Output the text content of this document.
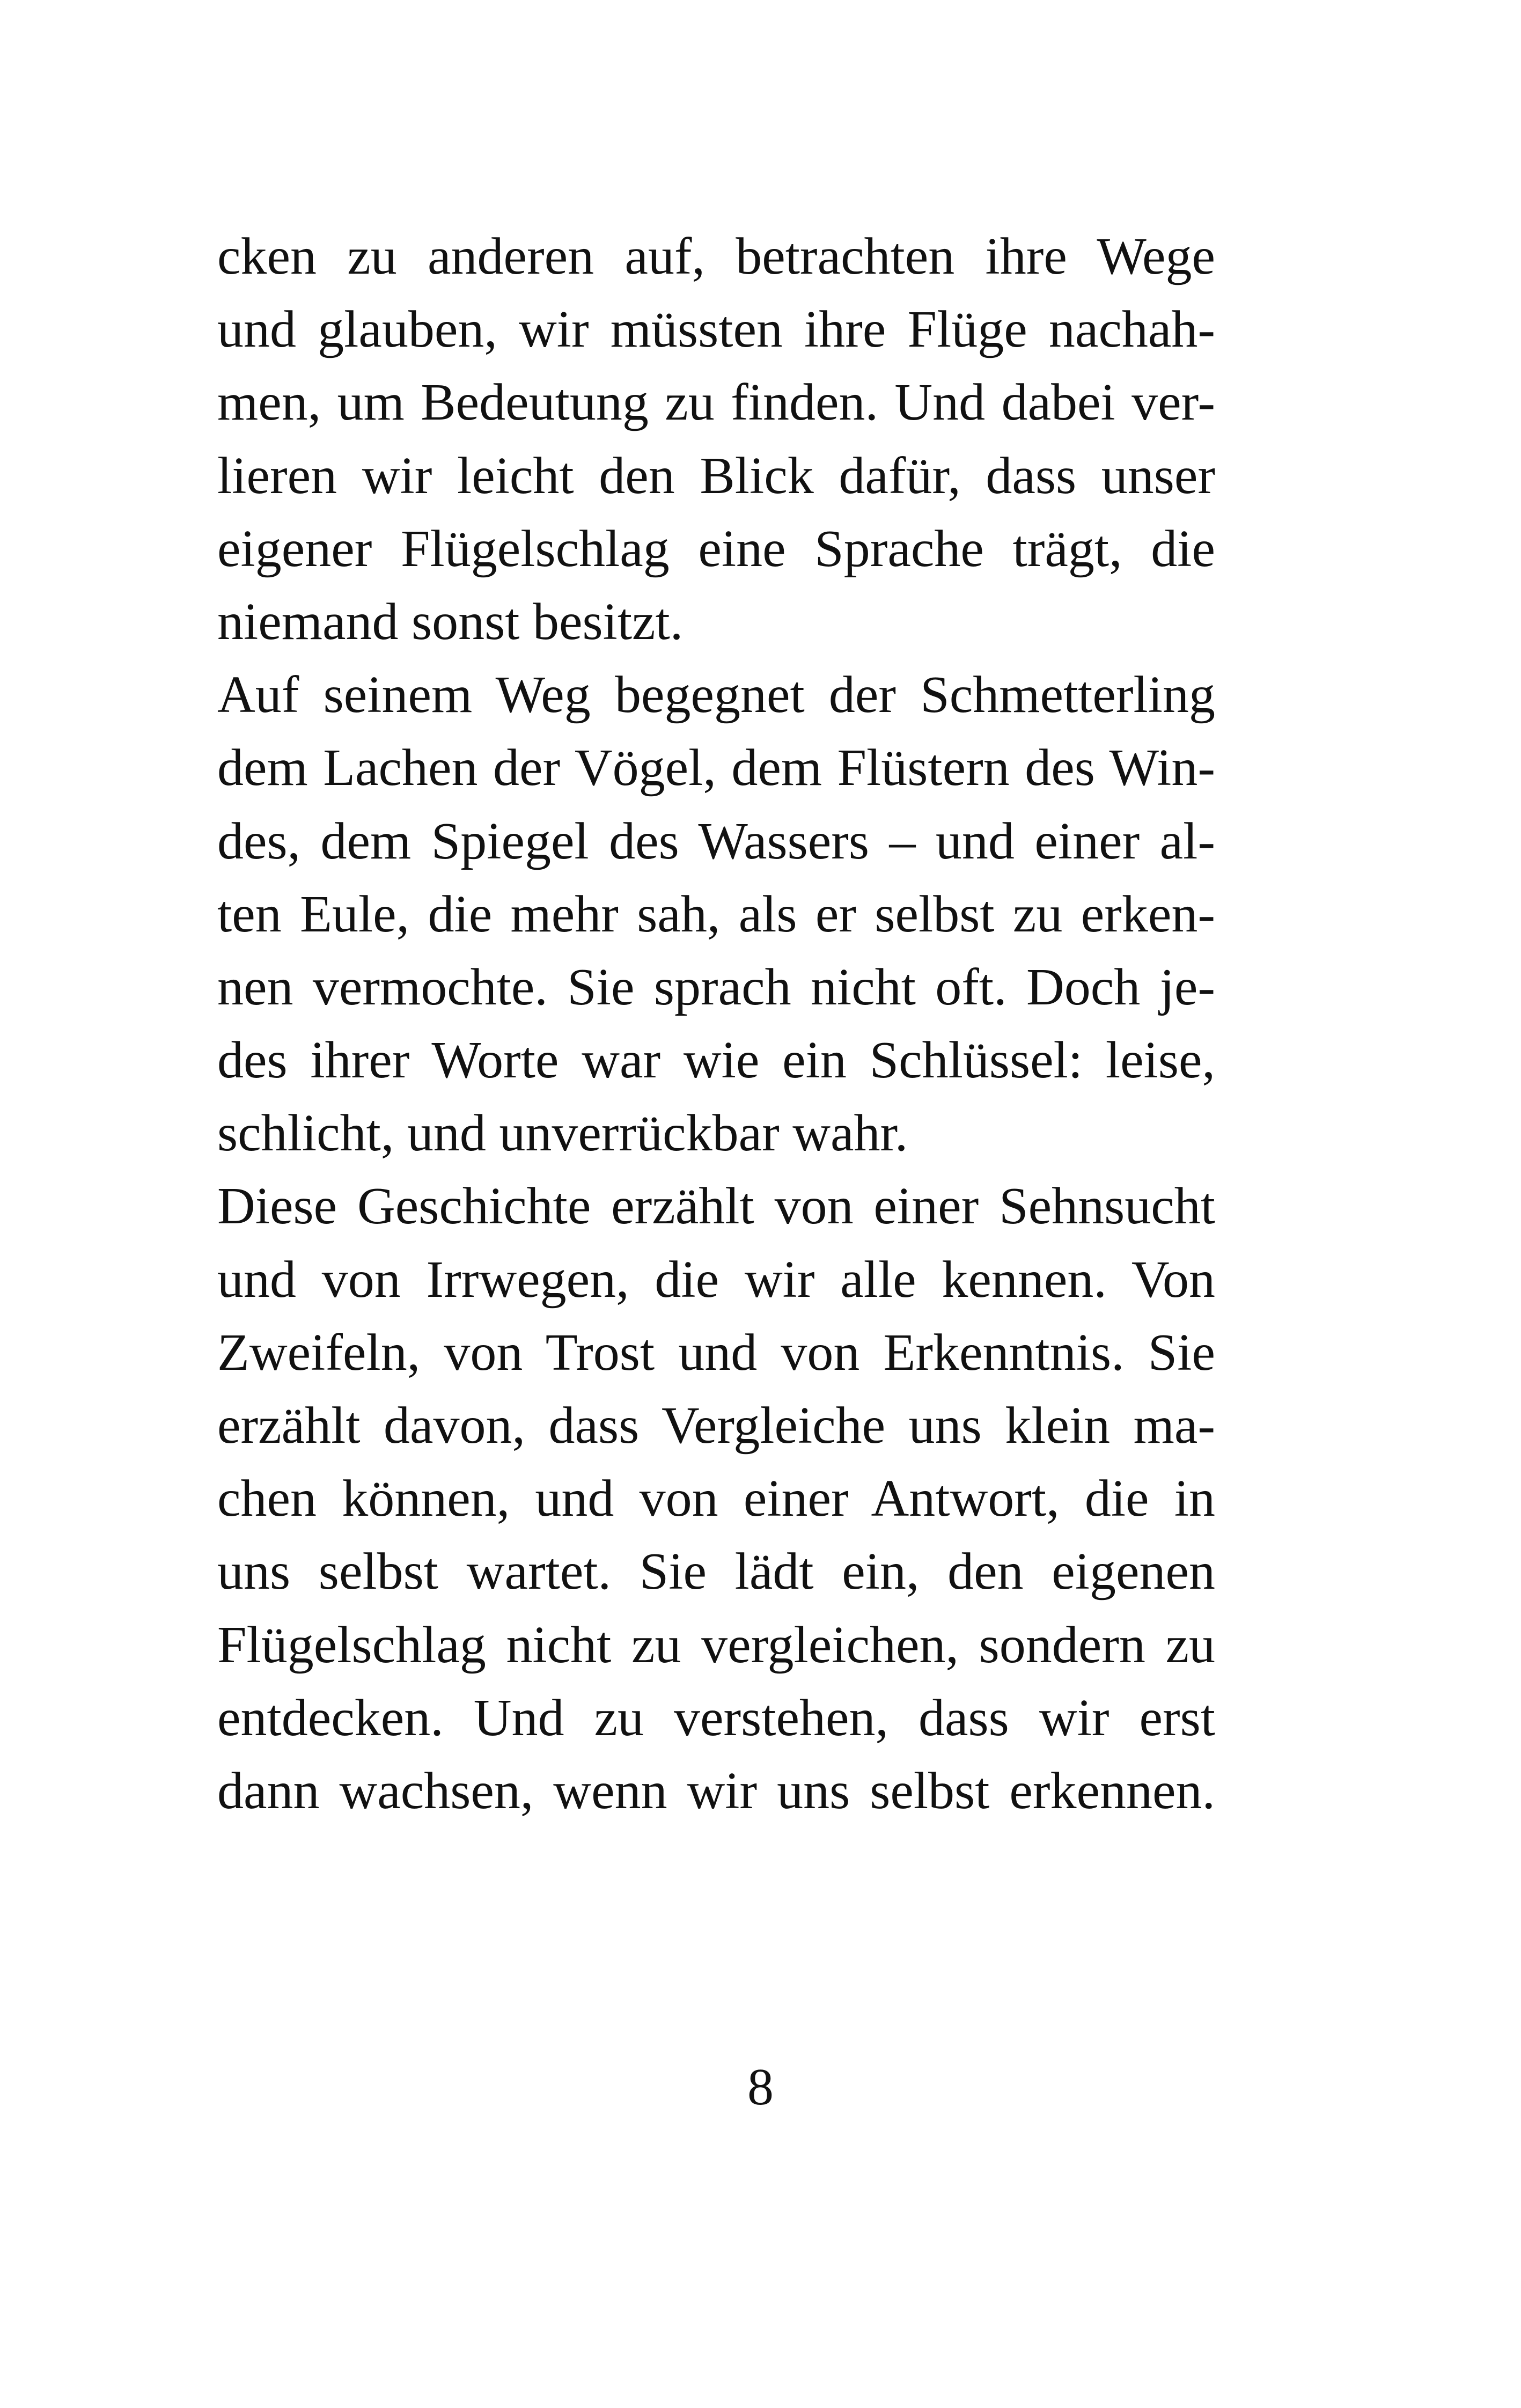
cken zu anderen auf, betrachten ihre Wege
und glauben, wir müssten ihre Flüge nachah-
men, um Bedeutung zu finden. Und dabei ver-
lieren wir leicht den Blick dafür, dass unser
eigener Flügelschlag eine Sprache trägt, die
niemand sonst besitzt.
Auf seinem Weg begegnet der Schmetterling
dem Lachen der Vögel, dem Flüstern des Win-
des, dem Spiegel des Wassers – und einer al-
ten Eule, die mehr sah, als er selbst zu erken-
nen vermochte. Sie sprach nicht oft. Doch je-
des ihrer Worte war wie ein Schlüssel: leise,
schlicht, und unverrückbar wahr.
Diese Geschichte erzählt von einer Sehnsucht
und von Irrwegen, die wir alle kennen. Von
Zweifeln, von Trost und von Erkenntnis. Sie
erzählt davon, dass Vergleiche uns klein ma-
chen können, und von einer Antwort, die in
uns selbst wartet. Sie lädt ein, den eigenen
Flügelschlag nicht zu vergleichen, sondern zu
entdecken. Und zu verstehen, dass wir erst
dann wachsen, wenn wir uns selbst erkennen.
8
